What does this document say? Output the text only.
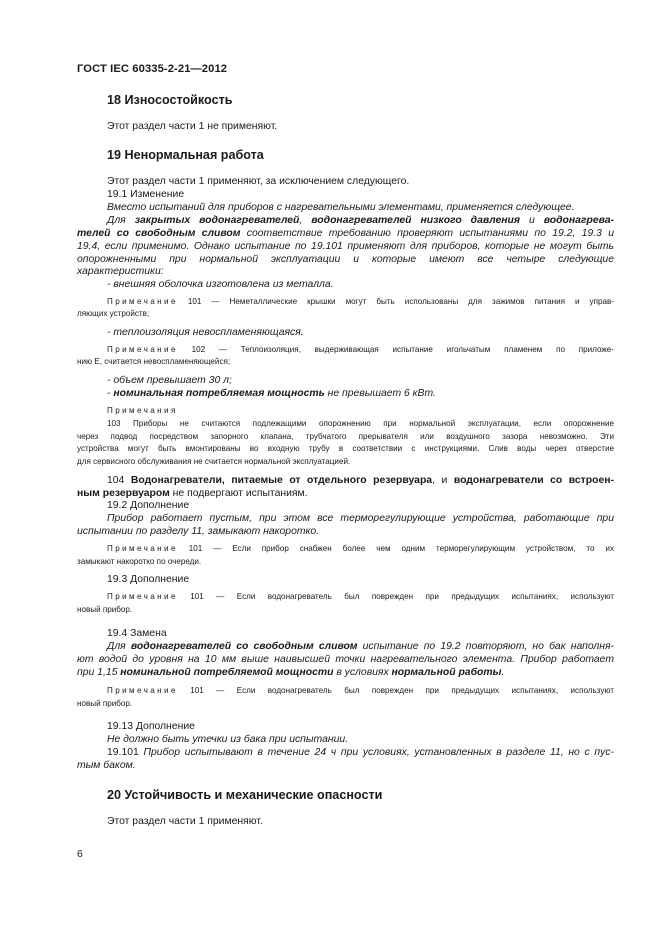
ГОСТ IEC 60335-2-21—2012
18 Износостойкость
Этот раздел части 1 не применяют.
19 Ненормальная работа
Этот раздел части 1 применяют, за исключением следующего.
19.1 Изменение
Вместо испытаний для приборов с нагревательными элементами, применяется следующее.
Для закрытых водонагревателей, водонагревателей низкого давления и водонагрева-
телей со свободным сливом соответствие требованию проверяют испытаниями по 19.2, 19.3 и
19.4, если применимо. Однако испытание по 19.101 применяют для приборов, которые не могут быть
опорожненными при нормальной эксплуатации и которые имеют все четыре следующие
характеристики:
- внешняя оболочка изготовлена из металла.
Примечание 101 — Неметаллические крышки могут быть использованы для зажимов питания и управ-
ляющих устройств;
- теплоизоляция невоспламеняющаяся.
Примечание 102 — Теплоизоляция, выдерживающая испытание игольчатым пламенем по приложе-
нию E, считается невоспламеняющейся;
- объем превышает 30 л;
- номинальная потребляемая мощность не превышает 6 кВт.
Примечания
103 Приборы не считаются подлежащими опорожнению при нормальной эксплуатации, если опорожнение
через подвод посредством запорного клапана, трубчатого прерывателя или воздушного зазора невозможно. Эти
устройства могут быть вмонтированы во входную трубу в соответствии с инструкциями. Слив воды через отверстие
для сервисного обслуживания не считается нормальной эксплуатацией.
104 Водонагреватели, питаемые от отдельного резервуара, и водонагреватели со встроен-
ным резервуаром не подвергают испытаниям.
19.2 Дополнение
Прибор работает пустым, при этом все терморегулирующие устройства, работающие при
испытании по разделу 11, замыкают накоротко.
Примечание 101 — Если прибор снабжен более чем одним терморегулирующим устройством, то их
замыкают накоротко по очереди.
19.3 Дополнение
Примечание 101 — Если водонагреватель был поврежден при предыдущих испытаниях, используют
новый прибор.
19.4 Замена
Для водонагревателей со свободным сливом испытание по 19.2 повторяют, но бак наполня-
ют водой до уровня на 10 мм выше наивысшей точки нагревательного элемента. Прибор работает
при 1,15 номинальной потребляемой мощности в условиях нормальной работы.
Примечание 101 — Если водонагреватель был поврежден при предыдущих испытаниях, используют
новый прибор.
19.13 Дополнение
Не должно быть утечки из бака при испытании.
19.101 Прибор испытывают в течение 24 ч при условиях, установленных в разделе 11, но с пус-
тым баком.
20 Устойчивость и механические опасности
Этот раздел части 1 применяют.
6
